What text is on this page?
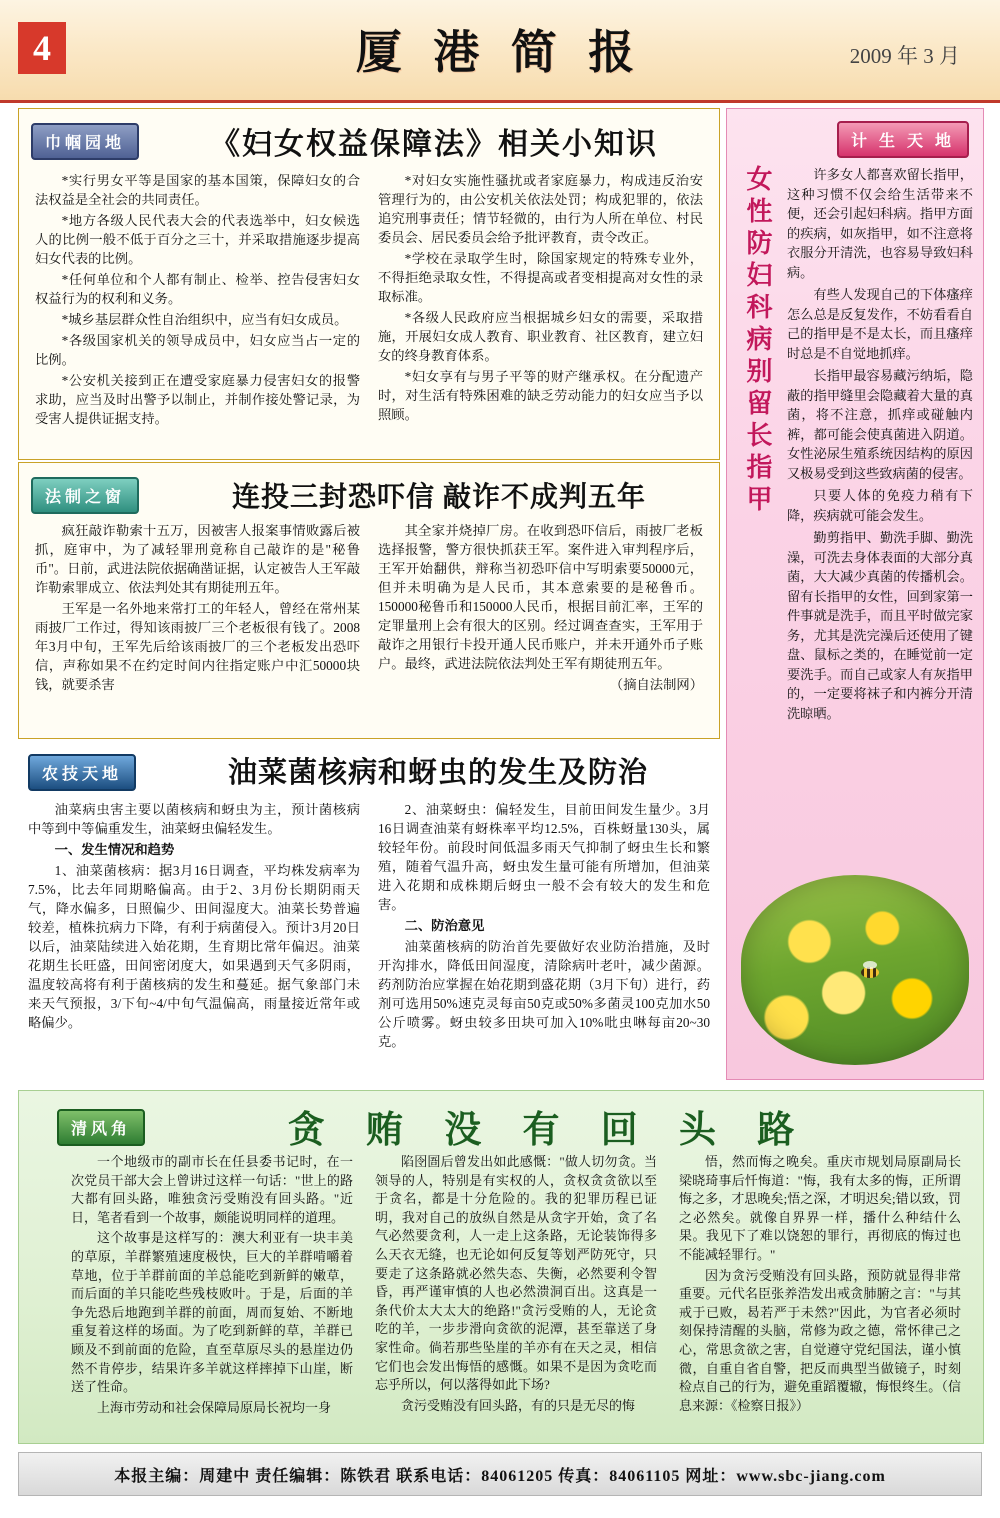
4	厦 港 简 报	2009 年 3 月
巾帼园地	《妇女权益保障法》相关小知识

*实行男女平等是国家的基本国策，保障妇女的合法权益是全社会的共同责任。

*地方各级人民代表大会的代表选举中，妇女候选人的比例一般不低于百分之三十，并采取措施逐步提高妇女代表的比例。

*任何单位和个人都有制止、检举、控告侵害妇女权益行为的权利和义务。

*城乡基层群众性自治组织中，应当有妇女成员。

*各级国家机关的领导成员中，妇女应当占一定的比例。

*公安机关接到正在遭受家庭暴力侵害妇女的报警求助，应当及时出警予以制止，并制作接处警记录，为受害人提供证据支持。

*对妇女实施性骚扰或者家庭暴力，构成违反治安管理行为的，由公安机关依法处罚；构成犯罪的，依法追究刑事责任；情节轻微的，由行为人所在单位、村民委员会、居民委员会给予批评教育，责令改正。

*学校在录取学生时，除国家规定的特殊专业外，不得拒绝录取女性，不得提高或者变相提高对女性的录取标准。

*各级人民政府应当根据城乡妇女的需要，采取措施，开展妇女成人教育、职业教育、社区教育，建立妇女的终身教育体系。

*妇女享有与男子平等的财产继承权。在分配遗产时，对生活有特殊困难的缺乏劳动能力的妇女应当予以照顾。

法制之窗	连投三封恐吓信 敲诈不成判五年

疯狂敲诈勒索十五万，因被害人报案事情败露后被抓，庭审中，为了减轻罪刑竟称自己敲诈的是"秘鲁币"。日前，武进法院依据确凿证据，认定被告人王军敲诈勒索罪成立、依法判处其有期徒刑五年。

王军是一名外地来常打工的年轻人，曾经在常州某雨披厂工作过，得知该雨披厂三个老板很有钱了。2008年3月中旬，王军先后给该雨披厂的三个老板发出恐吓信，声称如果不在约定时间内往指定账户中汇50000块钱，就要杀害

其全家并烧掉厂房。在收到恐吓信后，雨披厂老板选择报警，警方很快抓获王军。案件进入审判程序后，王军开始翻供，辩称当初恐吓信中写明索要50000元，但并未明确为是人民币，其本意索要的是秘鲁币。150000秘鲁币和150000人民币，根据目前汇率，王军的定罪量刑上会有很大的区别。经过调查查实，王军用于敲诈之用银行卡投开通人民币账户，并未开通外币子账户。最终，武进法院依法判处王军有期徒刑五年。

（摘自法制网）

农技天地	油菜菌核病和蚜虫的发生及防治

油菜病虫害主要以菌核病和蚜虫为主，预计菌核病中等到中等偏重发生，油菜蚜虫偏轻发生。

一、发生情况和趋势

1、油菜菌核病：据3月16日调查，平均株发病率为7.5%，比去年同期略偏高。由于2、3月份长期阴雨天气，降水偏多，日照偏少、田间湿度大。油菜长势普遍较差，植株抗病力下降，有利于病菌侵入。预计3月20日以后，油菜陆续进入始花期，生育期比常年偏迟。油菜花期生长旺盛，田间密闭度大，如果遇到天气多阴雨，温度较高将有利于菌核病的发生和蔓延。据气象部门未来天气预报，3/下旬~4/中旬气温偏高，雨量接近常年或略偏少。

2、油菜蚜虫：偏轻发生，目前田间发生量少。3月16日调查油菜有蚜株率平均12.5%，百株蚜量130头，属较轻年份。前段时间低温多雨天气抑制了蚜虫生长和繁殖，随着气温升高，蚜虫发生量可能有所增加，但油菜进入花期和成株期后蚜虫一般不会有较大的发生和危害。

二、防治意见

油菜菌核病的防治首先要做好农业防治措施，及时开沟排水，降低田间湿度，清除病叶老叶，减少菌源。药剂防治应掌握在始花期到盛花期（3月下旬）进行，药剂可选用50%速克灵每亩50克或50%多菌灵100克加水50公斤喷雾。蚜虫较多田块可加入10%吡虫啉每亩20~30克。

计 生 天 地
女性防妇科病别留长指甲	许多女人都喜欢留长指甲，这种习惯不仅会给生活带来不便，还会引起妇科病。指甲方面的疾病，如灰指甲，如不注意将衣服分开清洗，也容易导致妇科病。

有些人发现自己的下体瘙痒怎么总是反复发作，不妨看看自己的指甲是不是太长，而且瘙痒时总是不自觉地抓痒。

长指甲最容易藏污纳垢，隐蔽的指甲缝里会隐藏着大量的真菌，将不注意，抓痒或碰触内裤，都可能会使真菌进入阴道。女性泌尿生殖系统因结构的原因又极易受到这些致病菌的侵害。

只要人体的免疫力稍有下降，疾病就可能会发生。

勤剪指甲、勤洗手脚、勤洗澡，可洗去身体表面的大部分真菌，大大减少真菌的传播机会。留有长指甲的女性，回到家第一件事就是洗手，而且平时做完家务，尤其是洗完澡后还使用了键盘、鼠标之类的，在睡觉前一定要洗手。而自己或家人有灰指甲的，一定要将袜子和内裤分开清洗晾晒。

清风角	贪 贿 没 有 回 头 路

一个地级市的副市长在任县委书记时，在一次党员干部大会上曾讲过这样一句话："世上的路大都有回头路，唯独贪污受贿没有回头路。"近日，笔者看到一个故事，颇能说明同样的道理。

这个故事是这样写的：澳大利亚有一块丰美的草原，羊群繁殖速度极快，巨大的羊群啃嚼着草地，位于羊群前面的羊总能吃到新鲜的嫩草，而后面的羊只能吃些残枝败叶。于是，后面的羊争先恐后地跑到羊群的前面，周而复始、不断地重复着这样的场面。为了吃到新鲜的草，羊群已顾及不到前面的危险，直至草原尽头的悬崖边仍然不肯停步，结果许多羊就这样摔掉下山崖，断送了性命。

上海市劳动和社会保障局原局长祝均一身

陷囹圄后曾发出如此感慨："做人切勿贪。当领导的人，特别是有实权的人，贪权贪贪欲以至于贪名，都是十分危险的。我的犯罪历程已证明，我对自己的放纵自然是从贪字开始，贪了名气必然要贪利，人一走上这条路，无论装饰得多么天衣无缝，也无论如何反复等划严防死守，只要走了这条路就必然失态、失衡，必然要利令智昏，再严谨审慎的人也必然溃洞百出。这真是一条代价太大太大的绝路!"贪污受贿的人，无论贪吃的羊，一步步滑向贪欲的泥潭，甚至靠送了身家性命。倘若那些坠崖的羊亦有在天之灵，相信它们也会发出悔悟的感慨。如果不是因为贪吃而忘乎所以，何以落得如此下场?

贪污受贿没有回头路，有的只是无尽的悔

悟，然而悔之晚矣。重庆市规划局原副局长梁晓琦事后忏悔道："悔，我有太多的悔，正所谓悔之多，才思晚矣;悟之深，才明迟矣;错以致，罚之必然矣。就像自界界一样，播什么种结什么果。我见下了难以饶恕的罪行，再彻底的悔过也不能减轻罪行。"

因为贪污受贿没有回头路，预防就显得非常重要。元代名臣张养浩发出戒贪肺腑之言："与其戒于已败，曷若严于未然?"因此，为官者必须时刻保持清醒的头脑，常修为政之德，常怀律己之心，常思贪欲之害，自觉遵守党纪国法，谨小慎微，自重自省自警，把反而典型当做镜子，时刻检点自己的行为，避免重蹈覆辙，悔恨终生。（信息来源：《检察日报》）

本报主编：周建中 责任编辑：陈铁君 联系电话：84061205 传真：84061105 网址：www.sbc-jiang.com
